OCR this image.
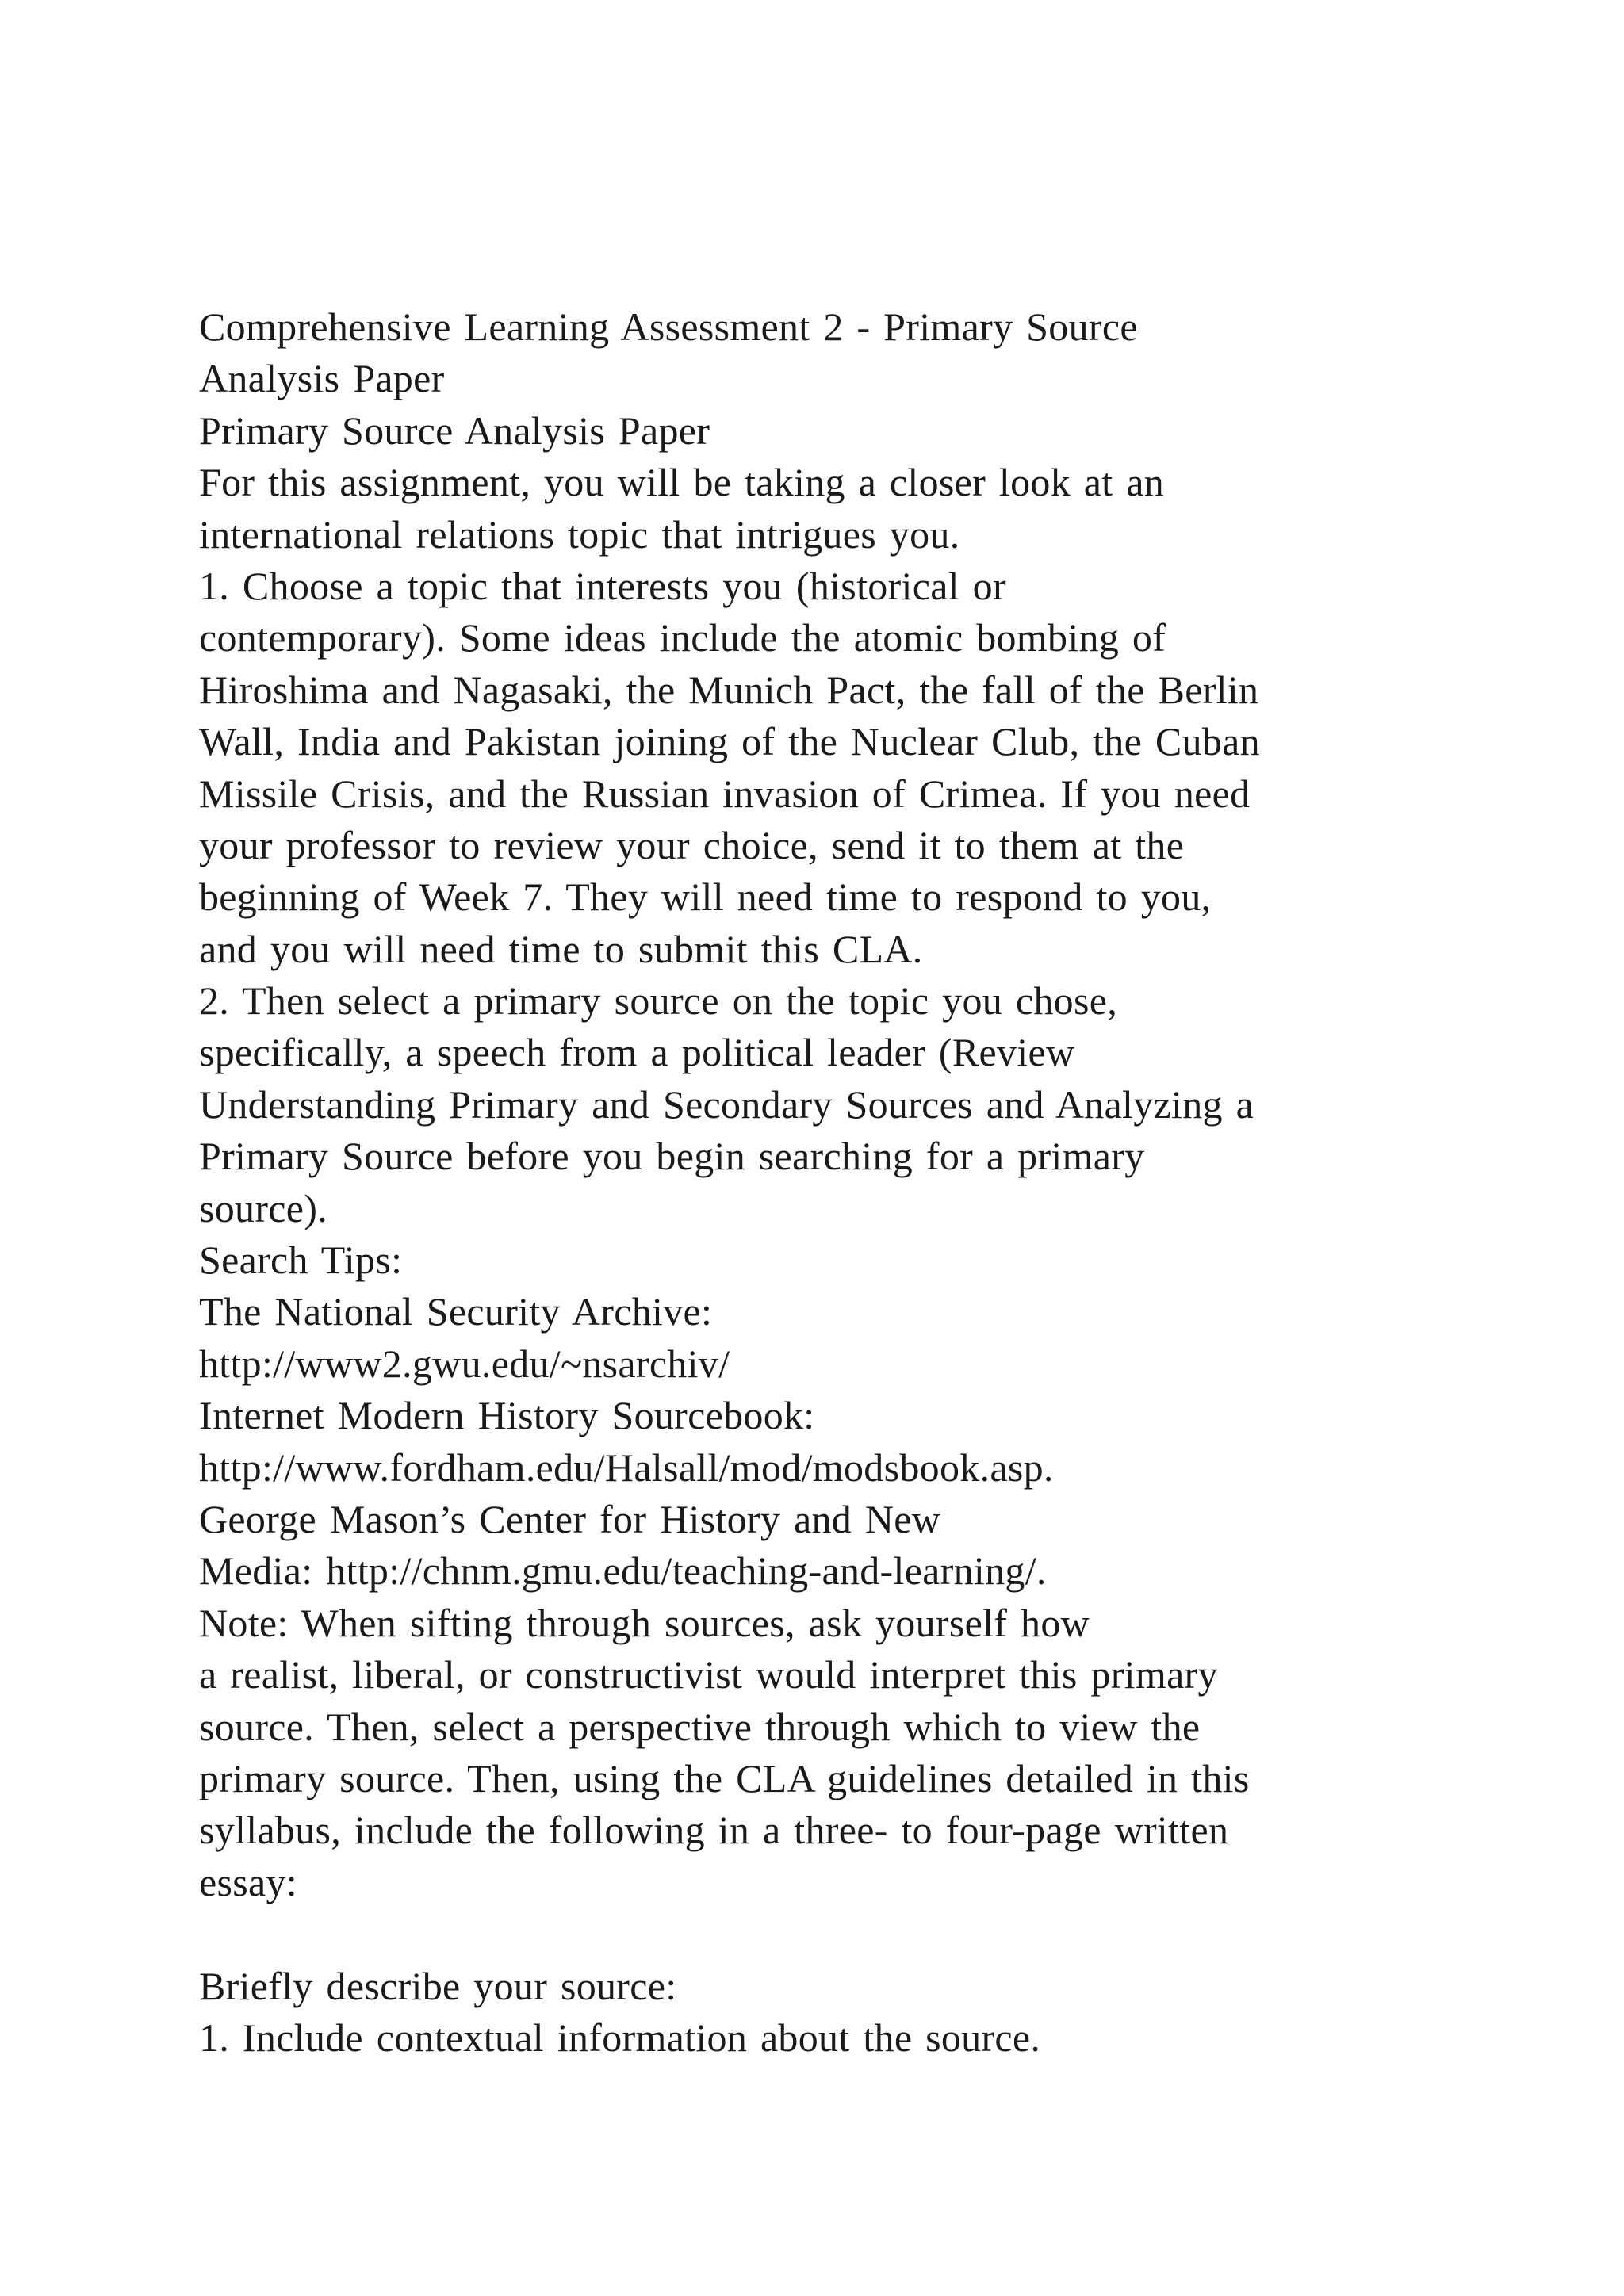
Comprehensive Learning Assessment 2 - Primary Source
Analysis Paper
Primary Source Analysis Paper
For this assignment, you will be taking a closer look at an
international relations topic that intrigues you.
1. Choose a topic that interests you (historical or
contemporary). Some ideas include the atomic bombing of
Hiroshima and Nagasaki, the Munich Pact, the fall of the Berlin
Wall, India and Pakistan joining of the Nuclear Club, the Cuban
Missile Crisis, and the Russian invasion of Crimea. If you need
your professor to review your choice, send it to them at the
beginning of Week 7. They will need time to respond to you,
and you will need time to submit this CLA.
2. Then select a primary source on the topic you chose,
specifically, a speech from a political leader (Review
Understanding Primary and Secondary Sources and Analyzing a
Primary Source before you begin searching for a primary
source).
Search Tips:
The National Security Archive:
http://www2.gwu.edu/~nsarchiv/
Internet Modern History Sourcebook:
http://www.fordham.edu/Halsall/mod/modsbook.asp.
George Mason’s Center for History and New
Media: http://chnm.gmu.edu/teaching-and-learning/.
Note: When sifting through sources, ask yourself how
a realist, liberal, or constructivist would interpret this primary
source. Then, select a perspective through which to view the
primary source. Then, using the CLA guidelines detailed in this
syllabus, include the following in a three- to four-page written
essay:
Briefly describe your source:
1. Include contextual information about the source.
